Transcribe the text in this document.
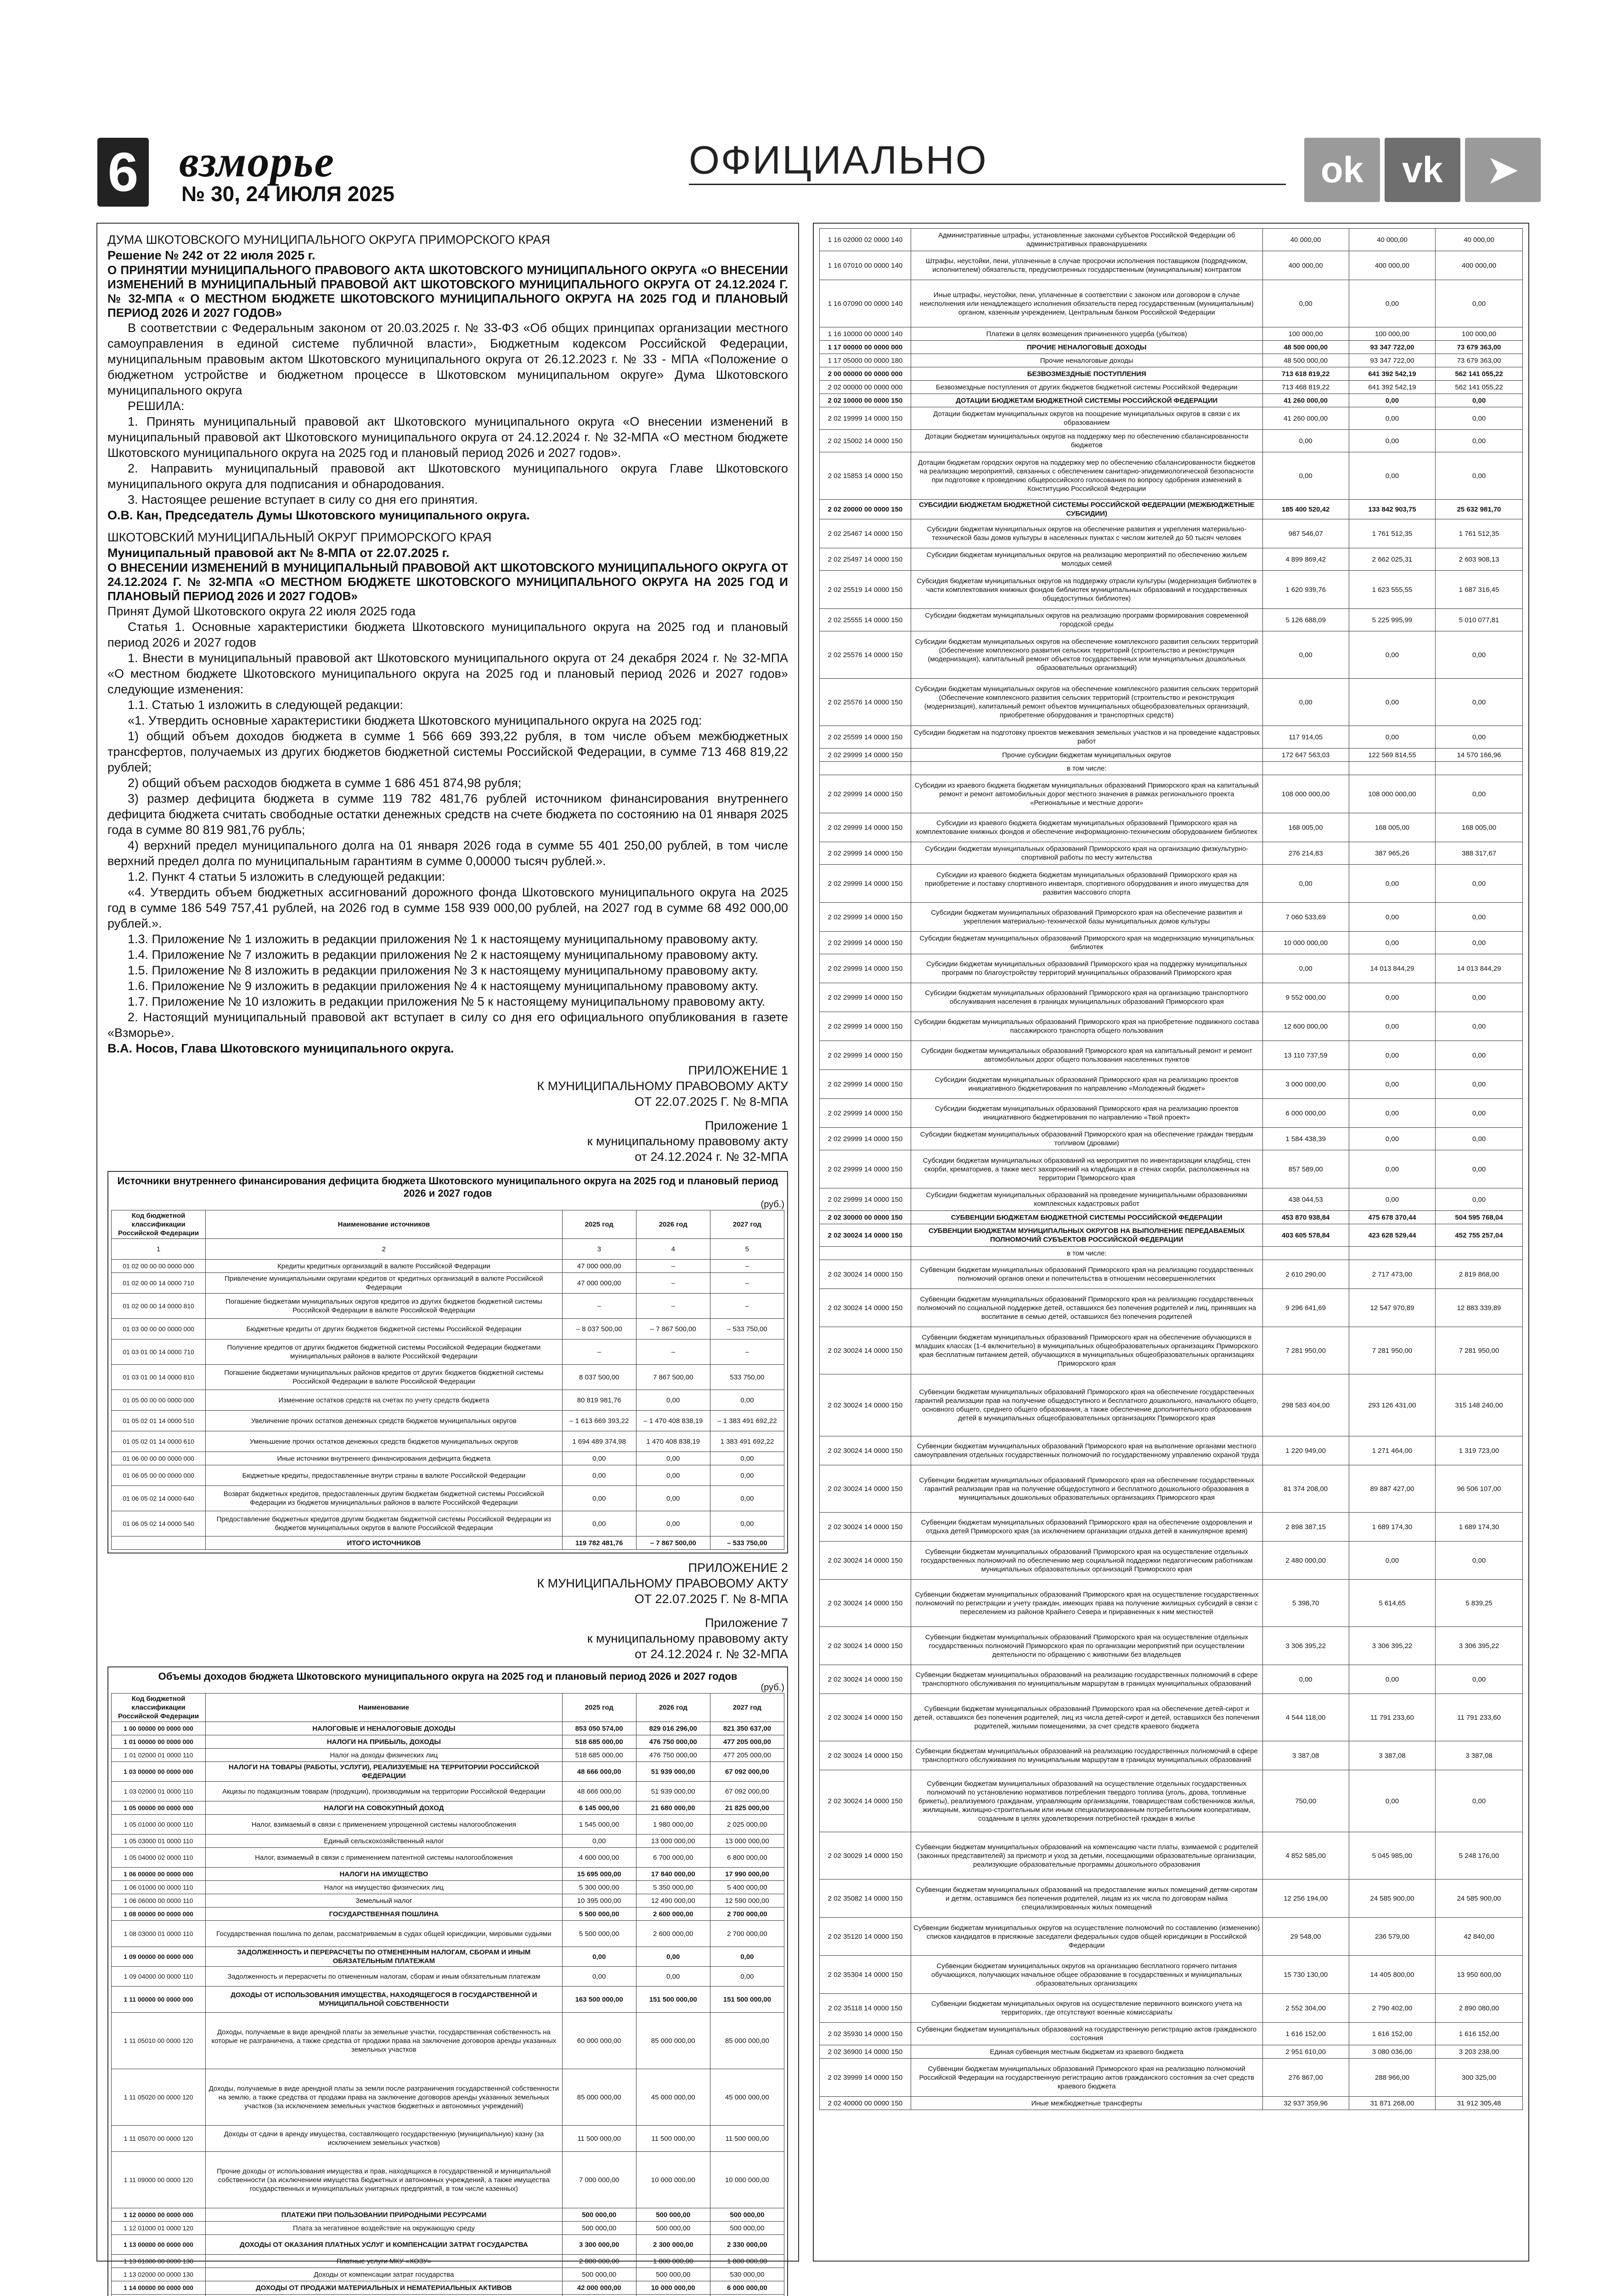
6 взморье
№ 30, 24 ИЮЛЯ 2025
ОФИЦИАЛЬНО	ok	vk	➤

ДУМА ШКОТОВСКОГО МУНИЦИПАЛЬНОГО ОКРУГА ПРИМОРСКОГО КРАЯ

Решение № 242 от 22 июля 2025 г.

О ПРИНЯТИИ МУНИЦИПАЛЬНОГО ПРАВОВОГО АКТА ШКОТОВСКОГО МУНИЦИПАЛЬНОГО ОКРУГА «О ВНЕСЕНИИ ИЗМЕНЕНИЙ В МУНИЦИПАЛЬНЫЙ ПРАВОВОЙ АКТ ШКОТОВСКОГО МУНИЦИПАЛЬНОГО ОКРУГА ОТ 24.12.2024 Г. № 32-МПА « О МЕСТНОМ БЮДЖЕТЕ ШКОТОВСКОГО МУНИЦИПАЛЬНОГО ОКРУГА НА 2025 ГОД И ПЛАНОВЫЙ ПЕРИОД 2026 И 2027 ГОДОВ»

В соответствии с Федеральным законом от 20.03.2025 г. № 33-ФЗ «Об общих принципах организации местного самоуправления в единой системе публичной власти», Бюджетным кодексом Российской Федерации, муниципальным правовым актом Шкотовского муниципального округа от 26.12.2023 г. № 33 - МПА «Положение о бюджетном устройстве и бюджетном процессе в Шкотовском муниципальном округе» Дума Шкотовского муниципального округа

РЕШИЛА:

1. Принять муниципальный правовой акт Шкотовского муниципального округа «О внесении изменений в муниципальный правовой акт Шкотовского муниципального округа от 24.12.2024 г. № 32-МПА «О местном бюджете Шкотовского муниципального округа на 2025 год и плановый период 2026 и 2027 годов».

2. Направить муниципальный правовой акт Шкотовского муниципального округа Главе Шкотовского муниципального округа для подписания и обнародования.

3. Настоящее решение вступает в силу со дня его принятия.

О.В. Кан, Председатель Думы Шкотовского муниципального округа.

ШКОТОВСКИЙ МУНИЦИПАЛЬНЫЙ ОКРУГ ПРИМОРСКОГО КРАЯ

Муниципальный правовой акт № 8-МПА от 22.07.2025 г.

О ВНЕСЕНИИ ИЗМЕНЕНИЙ В МУНИЦИПАЛЬНЫЙ ПРАВОВОЙ АКТ ШКОТОВСКОГО МУНИЦИПАЛЬНОГО ОКРУГА ОТ 24.12.2024 Г. № 32-МПА «О МЕСТНОМ БЮДЖЕТЕ ШКОТОВСКОГО МУНИЦИПАЛЬНОГО ОКРУГА НА 2025 ГОД И ПЛАНОВЫЙ ПЕРИОД 2026 И 2027 ГОДОВ»

Принят Думой Шкотовского округа 22 июля 2025 года

Статья 1. Основные характеристики бюджета Шкотовского муниципального округа на 2025 год и плановый период 2026 и 2027 годов

1. Внести в муниципальный правовой акт Шкотовского муниципального округа от 24 декабря 2024 г. № 32-МПА «О местном бюджете Шкотовского муниципального округа на 2025 год и плановый период 2026 и 2027 годов» следующие изменения:

1.1. Статью 1 изложить в следующей редакции:

«1. Утвердить основные характеристики бюджета Шкотовского муниципального округа на 2025 год:

1) общий объем доходов бюджета в сумме 1 566 669 393,22 рубля, в том числе объем межбюджетных трансфертов, получаемых из других бюджетов бюджетной системы Российской Федерации, в сумме 713 468 819,22 рублей;

2) общий объем расходов бюджета в сумме 1 686 451 874,98 рубля;

3) размер дефицита бюджета в сумме 119 782 481,76 рублей источником финансирования внутреннего дефицита бюджета считать свободные остатки денежных средств на счете бюджета по состоянию на 01 января 2025 года в сумме 80 819 981,76 рубль;

4) верхний предел муниципального долга на 01 января 2026 года в сумме 55 401 250,00 рублей, в том числе верхний предел долга по муниципальным гарантиям в сумме 0,00000 тысяч рублей.».

1.2. Пункт 4 статьи 5 изложить в следующей редакции:

«4. Утвердить объем бюджетных ассигнований дорожного фонда Шкотовского муниципального округа на 2025 год в сумме 186 549 757,41 рублей, на 2026 год в сумме 158 939 000,00 рублей, на 2027 год в сумме 68 492 000,00 рублей.».

1.3. Приложение № 1 изложить в редакции приложения № 1 к настоящему муниципальному правовому акту.

1.4. Приложение № 7 изложить в редакции приложения № 2 к настоящему муниципальному правовому акту.

1.5. Приложение № 8 изложить в редакции приложения № 3 к настоящему муниципальному правовому акту.

1.6. Приложение № 9 изложить в редакции приложения № 4 к настоящему муниципальному правовому акту.

1.7. Приложение № 10 изложить в редакции приложения № 5 к настоящему муниципальному правовому акту.

2. Настоящий муниципальный правовой акт вступает в силу со дня его официального опубликования в газете «Взморье».

В.А. Носов, Глава Шкотовского муниципального округа.

ПРИЛОЖЕНИЕ 1

К МУНИЦИПАЛЬНОМУ ПРАВОВОМУ АКТУ

ОТ 22.07.2025 Г. № 8-МПА

Приложение 1

к муниципальному правовому акту

от 24.12.2024 г. № 32-МПА

Источники внутреннего финансирования дефицита бюджета Шкотовского муниципального округа на 2025 год и плановый период 2026 и 2027 годов

(руб.)

Код бюджетной классификации Российской Федерации	Наименование источников	2025 год	2026 год	2027 год
1	2	3	4	5
01 02 00 00 00 0000 000	Кредиты кредитных организаций в валюте Российской Федерации	47 000 000,00	–	–
01 02 00 00 14 0000 710	Привлечение муниципальными округами кредитов от кредитных организаций в валюте Российской Федерации	47 000 000,00	–	–
01 02 00 00 14 0000 810	Погашение бюджетами муниципальных округов кредитов из других бюджетов бюджетной системы Российской Федерации в валюте Российской Федерации	–	–	–
01 03 00 00 00 0000 000	Бюджетные кредиты от других бюджетов бюджетной системы Российской Федерации	– 8 037 500,00	– 7 867 500,00	– 533 750,00
01 03 01 00 14 0000 710	Получение кредитов от других бюджетов бюджетной системы Российской Федерации бюджетами муниципальных районов в валюте Российской Федерации	–	–	–
01 03 01 00 14 0000 810	Погашение бюджетами муниципальных районов кредитов от других бюджетов бюджетной системы Российской Федерации в валюте Российской Федерации	8 037 500,00	7 867 500,00	533 750,00
01 05 00 00 00 0000 000	Изменение остатков средств на счетах по учету средств бюджета	80 819 981,76	0,00	0,00
01 05 02 01 14 0000 510	Увеличение прочих остатков денежных средств бюджетов муниципальных округов	– 1 613 669 393,22	– 1 470 408 838,19	– 1 383 491 692,22
01 05 02 01 14 0000 610	Уменьшение прочих остатков денежных средств бюджетов муниципальных округов	1 694 489 374,98	1 470 408 838,19	1 383 491 692,22
01 06 00 00 00 0000 000	Иные источники внутреннего финансирования дефицита бюджета	0,00	0,00	0,00
01 06 05 00 00 0000 000	Бюджетные кредиты, предоставленные внутри страны в валюте Российской Федерации	0,00	0,00	0,00
01 06 05 02 14 0000 640	Возврат бюджетных кредитов, предоставленных другим бюджетам бюджетной системы Российской Федерации из бюджетов муниципальных районов в валюте Российской Федерации	0,00	0,00	0,00
01 06 05 02 14 0000 540	Предоставление бюджетных кредитов другим бюджетам бюджетной системы Российской Федерации из бюджетов муниципальных округов в валюте Российской Федерации	0,00	0,00	0,00
	ИТОГО ИСТОЧНИКОВ	119 782 481,76	– 7 867 500,00	– 533 750,00

ПРИЛОЖЕНИЕ 2

К МУНИЦИПАЛЬНОМУ ПРАВОВОМУ АКТУ

ОТ 22.07.2025 Г. № 8-МПА

Приложение 7

к муниципальному правовому акту

от 24.12.2024 г. № 32-МПА

Объемы доходов бюджета Шкотовского муниципального округа на 2025 год и плановый период 2026 и 2027 годов

(руб.)

Код бюджетной классификации Российской Федерации	Наименование	2025 год	2026 год	2027 год
1 00 00000 00 0000 000	НАЛОГОВЫЕ И НЕНАЛОГОВЫЕ ДОХОДЫ	853 050 574,00	829 016 296,00	821 350 637,00
1 01 00000 00 0000 000	НАЛОГИ НА ПРИБЫЛЬ, ДОХОДЫ	518 685 000,00	476 750 000,00	477 205 000,00
1 01 02000 01 0000 110	Налог на доходы физических лиц	518 685 000,00	476 750 000,00	477 205 000,00
1 03 00000 00 0000 000	НАЛОГИ НА ТОВАРЫ (РАБОТЫ, УСЛУГИ), РЕАЛИЗУЕМЫЕ НА ТЕРРИТОРИИ РОССИЙСКОЙ ФЕДЕРАЦИИ	48 666 000,00	51 939 000,00	67 092 000,00
1 03 02000 01 0000 110	Акцизы по подакцизным товарам (продукции), производимым на территории Российской Федерации	48 666 000,00	51 939 000,00	67 092 000,00
1 05 00000 00 0000 000	НАЛОГИ НА СОВОКУПНЫЙ ДОХОД	6 145 000,00	21 680 000,00	21 825 000,00
1 05 01000 00 0000 110	Налог, взимаемый в связи с применением упрощенной системы налогообложения	1 545 000,00	1 980 000,00	2 025 000,00
1 05 03000 01 0000 110	Единый сельскохозяйственный налог	0,00	13 000 000,00	13 000 000,00
1 05 04000 02 0000 110	Налог, взимаемый в связи с применением патентной системы налогообложения	4 600 000,00	6 700 000,00	6 800 000,00
1 06 00000 00 0000 000	НАЛОГИ НА ИМУЩЕСТВО	15 695 000,00	17 840 000,00	17 990 000,00
1 06 01000 00 0000 110	Налог на имущество физических лиц	5 300 000,00	5 350 000,00	5 400 000,00
1 06 06000 00 0000 110	Земельный налог	10 395 000,00	12 490 000,00	12 590 000,00
1 08 00000 00 0000 000	ГОСУДАРСТВЕННАЯ ПОШЛИНА	5 500 000,00	2 600 000,00	2 700 000,00
1 08 03000 01 0000 110	Государственная пошлина по делам, рассматриваемым в судах общей юрисдикции, мировыми судьями	5 500 000,00	2 600 000,00	2 700 000,00
1 09 00000 00 0000 000	ЗАДОЛЖЕННОСТЬ И ПЕРЕРАСЧЕТЫ ПО ОТМЕНЕННЫМ НАЛОГАМ, СБОРАМ И ИНЫМ ОБЯЗАТЕЛЬНЫМ ПЛАТЕЖАМ	0,00	0,00	0,00
1 09 04000 00 0000 110	Задолженность и перерасчеты по отмененным налогам, сборам и иным обязательным платежам	0,00	0,00	0,00
1 11 00000 00 0000 000	ДОХОДЫ ОТ ИСПОЛЬЗОВАНИЯ ИМУЩЕСТВА, НАХОДЯЩЕГОСЯ В ГОСУДАРСТВЕННОЙ И МУНИЦИПАЛЬНОЙ СОБСТВЕННОСТИ	163 500 000,00	151 500 000,00	151 500 000,00
1 11 05010 00 0000 120	Доходы, получаемые в виде арендной платы за земельные участки, государственная собственность на которые не разграничена, а также средства от продажи права на заключение договоров аренды указанных земельных участков	60 000 000,00	85 000 000,00	85 000 000,00
1 11 05020 00 0000 120	Доходы, получаемые в виде арендной платы за земли после разграничения государственной собственности на землю, а также средства от продажи права на заключение договоров аренды указанных земельных участков (за исключением земельных участков бюджетных и автономных учреждений)	85 000 000,00	45 000 000,00	45 000 000,00
1 11 05070 00 0000 120	Доходы от сдачи в аренду имущества, составляющего государственную (муниципальную) казну (за исключением земельных участков)	11 500 000,00	11 500 000,00	11 500 000,00
1 11 09000 00 0000 120	Прочие доходы от использования имущества и прав, находящихся в государственной и муниципальной собственности (за исключением имущества бюджетных и автономных учреждений, а также имущества государственных и муниципальных унитарных предприятий, в том числе казенных)	7 000 000,00	10 000 000,00	10 000 000,00
1 12 00000 00 0000 000	ПЛАТЕЖИ ПРИ ПОЛЬЗОВАНИИ ПРИРОДНЫМИ РЕСУРСАМИ	500 000,00	500 000,00	500 000,00
1 12 01000 01 0000 120	Плата за негативное воздействие на окружающую среду	500 000,00	500 000,00	500 000,00
1 13 00000 00 0000 000	ДОХОДЫ ОТ ОКАЗАНИЯ ПЛАТНЫХ УСЛУГ И КОМПЕНСАЦИИ ЗАТРАТ ГОСУДАРСТВА	3 300 000,00	2 300 000,00	2 330 000,00
1 13 01000 00 0000 130	Платные услуги МКУ «ХОЗУ»	2 800 000,00	1 800 000,00	1 800 000,00
1 13 02000 00 0000 130	Доходы от компенсации затрат государства	500 000,00	500 000,00	530 000,00
1 14 00000 00 0000 000	ДОХОДЫ ОТ ПРОДАЖИ МАТЕРИАЛЬНЫХ И НЕМАТЕРИАЛЬНЫХ АКТИВОВ	42 000 000,00	10 000 000,00	6 000 000,00

1 16 02000 02 0000 140	Административные штрафы, установленные законами субъектов Российской Федерации об административных правонарушениях	40 000,00	40 000,00	40 000,00
1 16 07010 00 0000 140	Штрафы, неустойки, пени, уплаченные в случае просрочки исполнения поставщиком (подрядчиком, исполнителем) обязательств, предусмотренных государственным (муниципальным) контрактом	400 000,00	400 000,00	400 000,00
1 16 07090 00 0000 140	Иные штрафы, неустойки, пени, уплаченные в соответствии с законом или договором в случае неисполнения или ненадлежащего исполнения обязательств перед государственным (муниципальным) органом, казенным учреждением, Центральным банком Российской Федерации	0,00	0,00	0,00
1 16 10000 00 0000 140	Платежи в целях возмещения причиненного ущерба (убытков)	100 000,00	100 000,00	100 000,00
1 17 00000 00 0000 000	ПРОЧИЕ НЕНАЛОГОВЫЕ ДОХОДЫ	48 500 000,00	93 347 722,00	73 679 363,00
1 17 05000 00 0000 180	Прочие неналоговые доходы	48 500 000,00	93 347 722,00	73 679 363,00
2 00 00000 00 0000 000	БЕЗВОЗМЕЗДНЫЕ ПОСТУПЛЕНИЯ	713 618 819,22	641 392 542,19	562 141 055,22
2 02 00000 00 0000 000	Безвозмездные поступления от других бюджетов бюджетной системы Российской Федерации	713 468 819,22	641 392 542,19	562 141 055,22
2 02 10000 00 0000 150	ДОТАЦИИ БЮДЖЕТАМ БЮДЖЕТНОЙ СИСТЕМЫ РОССИЙСКОЙ ФЕДЕРАЦИИ	41 260 000,00	0,00	0,00
2 02 19999 14 0000 150	Дотации бюджетам муниципальных округов на поощрение муниципальных округов в связи с их образованием	41 260 000,00	0,00	0,00
2 02 15002 14 0000 150	Дотации бюджетам муниципальных округов на поддержку мер по обеспечению сбалансированности бюджетов	0,00	0,00	0,00
2 02 15853 14 0000 150	Дотации бюджетам городских округов на поддержку мер по обеспечению сбалансированности бюджетов на реализацию мероприятий, связанных с обеспечением санитарно-эпидемиологической безопасности при подготовке к проведению общероссийского голосования по вопросу одобрения изменений в Конституцию Российской Федерации	0,00	0,00	0,00
2 02 20000 00 0000 150	СУБСИДИИ БЮДЖЕТАМ БЮДЖЕТНОЙ СИСТЕМЫ РОССИЙСКОЙ ФЕДЕРАЦИИ (МЕЖБЮДЖЕТНЫЕ СУБСИДИИ)	185 400 520,42	133 842 903,75	25 632 981,70
2 02 25467 14 0000 150	Субсидии бюджетам муниципальных округов на обеспечение развития и укрепления материально-технической базы домов культуры в населенных пунктах с числом жителей до 50 тысяч человек	987 546,07	1 761 512,35	1 761 512,35
2 02 25497 14 0000 150	Субсидии бюджетам муниципальных округов на реализацию мероприятий по обеспечению жильем молодых семей	4 899 869,42	2 662 025,31	2 603 908,13
2 02 25519 14 0000 150	Субсидия бюджетам муниципальных округов на поддержку отрасли культуры (модернизация библиотек в части комплектования книжных фондов библиотек муниципальных образований и государственных общедоступных библиотек)	1 620 939,76	1 623 555,55	1 687 316,45
2 02 25555 14 0000 150	Субсидии бюджетам муниципальных округов на реализацию программ формирования современной городской среды	5 126 688,09	5 225 995,99	5 010 077,81
2 02 25576 14 0000 150	Субсидии бюджетам муниципальных округов на обеспечение комплексного развития сельских территорий (Обеспечение комплексного развития сельских территорий (строительство и реконструкция (модернизация), капитальный ремонт объектов государственных или муниципальных дошкольных образовательных организаций)	0,00	0,00	0,00
2 02 25576 14 0000 150	Субсидии бюджетам муниципальных округов на обеспечение комплексного развития сельских территорий (Обеспечение комплексного развития сельских территорий (строительство и реконструкция (модернизация), капитальный ремонт объектов муниципальных общеобразовательных организаций, приобретение оборудования и транспортных средств)	0,00	0,00	0,00
2 02 25599 14 0000 150	Субсидии бюджетам на подготовку проектов межевания земельных участков и на проведение кадастровых работ	117 914,05	0,00	0,00
2 02 29999 14 0000 150	Прочие субсидии бюджетам муниципальных округов	172 647 563,03	122 569 814,55	14 570 166,96
	в том числе:			
2 02 29999 14 0000 150	Субсидии из краевого бюджета бюджетам муниципальных образований Приморского края на капитальный ремонт и ремонт автомобильных дорог местного значения в рамках регионального проекта «Региональные и местные дороги»	108 000 000,00	108 000 000,00	0,00
2 02 29999 14 0000 150	Субсидии из краевого бюджета бюджетам муниципальных образований Приморского края на комплектование книжных фондов и обеспечение информационно-техническим оборудованием библиотек	168 005,00	168 005,00	168 005,00
2 02 29999 14 0000 150	Субсидии бюджетам муниципальных образований Приморского края на организацию физкультурно-спортивной работы по месту жительства	276 214,83	387 965,26	388 317,67
2 02 29999 14 0000 150	Субсидии из краевого бюджета бюджетам муниципальных образований Приморского края на приобретение и поставку спортивного инвентаря, спортивного оборудования и иного имущества для развития массового спорта	0,00	0,00	0,00
2 02 29999 14 0000 150	Субсидии бюджетам муниципальных образований Приморского края на обеспечение развития и укрепления материально-технической базы муниципальных домов культуры	7 060 533,69	0,00	0,00
2 02 29999 14 0000 150	Субсидии бюджетам муниципальных образований Приморского края на модернизацию муниципальных библиотек	10 000 000,00	0,00	0,00
2 02 29999 14 0000 150	Субсидии бюджетам муниципальных образований Приморского края на поддержку муниципальных программ по благоустройству территорий муниципальных образований Приморского края	0,00	14 013 844,29	14 013 844,29
2 02 29999 14 0000 150	Субсидии бюджетам муниципальных образований Приморского края на организацию транспортного обслуживания населения в границах муниципальных образований Приморского края	9 552 000,00	0,00	0,00
2 02 29999 14 0000 150	Субсидии бюджетам муниципальных образований Приморского края на приобретение подвижного состава пассажирского транспорта общего пользования	12 600 000,00	0,00	0,00
2 02 29999 14 0000 150	Субсидии бюджетам муниципальных образований Приморского края на капитальный ремонт и ремонт автомобильных дорог общего пользования населенных пунктов	13 110 737,59	0,00	0,00
2 02 29999 14 0000 150	Субсидии бюджетам муниципальных образований Приморского края на реализацию проектов инициативного бюджетирования по направлению «Молодежный бюджет»	3 000 000,00	0,00	0,00
2 02 29999 14 0000 150	Субсидии бюджетам муниципальных образований Приморского края на реализацию проектов инициативного бюджетирования по направлению «Твой проект»	6 000 000,00	0,00	0,00
2 02 29999 14 0000 150	Субсидии бюджетам муниципальных образований Приморского края на обеспечение граждан твердым топливом (дровами)	1 584 438,39	0,00	0,00
2 02 29999 14 0000 150	Субсидии бюджетам муниципальных образований на мероприятия по инвентаризации кладбищ, стен скорби, крематориев, а также мест захоронений на кладбищах и в стенах скорби, расположенных на территории Приморского края	857 589,00	0,00	0,00
2 02 29999 14 0000 150	Субсидии бюджетам муниципальных образований на проведение муниципальными образованиями комплексных кадастровых работ	438 044,53	0,00	0,00
2 02 30000 00 0000 150	СУБВЕНЦИИ БЮДЖЕТАМ БЮДЖЕТНОЙ СИСТЕМЫ РОССИЙСКОЙ ФЕДЕРАЦИИ	453 870 938,84	475 678 370,44	504 595 768,04
2 02 30024 14 0000 150	СУБВЕНЦИИ БЮДЖЕТАМ МУНИЦИПАЛЬНЫХ ОКРУГОВ НА ВЫПОЛНЕНИЕ ПЕРЕДАВАЕМЫХ ПОЛНОМОЧИЙ СУБЪЕКТОВ РОССИЙСКОЙ ФЕДЕРАЦИИ	403 605 578,84	423 628 529,44	452 755 257,04
	в том числе:			
2 02 30024 14 0000 150	Субвенции бюджетам муниципальных образований Приморского края на реализацию государственных полномочий органов опеки и попечительства в отношении несовершеннолетних	2 610 290,00	2 717 473,00	2 819 868,00
2 02 30024 14 0000 150	Субвенции бюджетам муниципальных образований Приморского края на реализацию государственных полномочий по социальной поддержке детей, оставшихся без попечения родителей и лиц, принявших на воспитание в семью детей, оставшихся без попечения родителей	9 296 641,69	12 547 970,89	12 883 339,89
2 02 30024 14 0000 150	Субвенции бюджетам муниципальных образований Приморского края на обеспечение обучающихся в младших классах (1-4 включительно) в муниципальных общеобразовательных организациях Приморского края бесплатным питанием детей, обучающихся в муниципальных общеобразовательных организациях Приморского края	7 281 950,00	7 281 950,00	7 281 950,00
2 02 30024 14 0000 150	Субвенции бюджетам муниципальных образований Приморского края на обеспечение государственных гарантий реализации прав на получение общедоступного и бесплатного дошкольного, начального общего, основного общего, среднего общего образования, а также обеспечение дополнительного образования детей в муниципальных общеобразовательных организациях Приморского края	298 583 404,00	293 126 431,00	315 148 240,00
2 02 30024 14 0000 150	Субвенции бюджетам муниципальных образований Приморского края на выполнение органами местного самоуправления отдельных государственных полномочий по государственному управлению охраной труда	1 220 949,00	1 271 464,00	1 319 723,00
2 02 30024 14 0000 150	Субвенции бюджетам муниципальных образований Приморского края на обеспечение государственных гарантий реализации прав на получение общедоступного и бесплатного дошкольного образования в муниципальных дошкольных образовательных организациях Приморского края	81 374 208,00	89 887 427,00	96 506 107,00
2 02 30024 14 0000 150	Субвенции бюджетам муниципальных образований Приморского края на обеспечение оздоровления и отдыха детей Приморского края (за исключением организации отдыха детей в каникулярное время)	2 898 387,15	1 689 174,30	1 689 174,30
2 02 30024 14 0000 150	Субвенции бюджетам муниципальных образований Приморского края на осуществление отдельных государственных полномочий по обеспечению мер социальной поддержки педагогическим работникам муниципальных образовательных организаций Приморского края	2 480 000,00	0,00	0,00
2 02 30024 14 0000 150	Субвенции бюджетам муниципальных образований Приморского края на осуществление государственных полномочий по регистрации и учету граждан, имеющих права на получение жилищных субсидий в связи с переселением из районов Крайнего Севера и приравненных к ним местностей	5 398,70	5 614,65	5 839,25
2 02 30024 14 0000 150	Субвенции бюджетам муниципальных образований Приморского края на осуществление отдельных государственных полномочий Приморского края по организации мероприятий при осуществлении деятельности по обращению с животными без владельцев	3 306 395,22	3 306 395,22	3 306 395,22
2 02 30024 14 0000 150	Субвенции бюджетам муниципальных образований на реализацию государственных полномочий в сфере транспортного обслуживания по муниципальным маршрутам в границах муниципальных образований	0,00	0,00	0,00
2 02 30024 14 0000 150	Субвенции бюджетам муниципальных образований Приморского края на обеспечение детей-сирот и детей, оставшихся без попечения родителей, лиц из числа детей-сирот и детей, оставшихся без попечения родителей, жилыми помещениями, за счет средств краевого бюджета	4 544 118,00	11 791 233,60	11 791 233,60
2 02 30024 14 0000 150	Субвенции бюджетам муниципальных образований на реализацию государственных полномочий в сфере транспортного обслуживания по муниципальным маршрутам в границах муниципальных образований	3 387,08	3 387,08	3 387,08
2 02 30024 14 0000 150	Субвенции бюджетам муниципальных образований на осуществление отдельных государственных полномочий по установлению нормативов потребления твердого топлива (уголь, дрова, топливные брикеты), реализуемого гражданам, управляющим организациям, товариществам собственников жилья, жилищным, жилищно-строительным или иным специализированным потребительским кооперативам, созданным в целях удовлетворения потребностей граждан в жилье	750,00	0,00	0,00
2 02 30029 14 0000 150	Субвенции бюджетам муниципальных образований на компенсацию части платы, взимаемой с родителей (законных представителей) за присмотр и уход за детьми, посещающими образовательные организации, реализующие образовательные программы дошкольного образования	4 852 585,00	5 045 985,00	5 248 176,00
2 02 35082 14 0000 150	Субвенции бюджетам муниципальных образований на предоставление жилых помещений детям-сиротам и детям, оставшимся без попечения родителей, лицам из их числа по договорам найма специализированных жилых помещений	12 256 194,00	24 585 900,00	24 585 900,00
2 02 35120 14 0000 150	Субвенции бюджетам муниципальных округов на осуществление полномочий по составлению (изменению) списков кандидатов в присяжные заседатели федеральных судов общей юрисдикции в Российской Федерации	29 548,00	236 579,00	42 840,00
2 02 35304 14 0000 150	Субвенции бюджетам муниципальных округов на организацию бесплатного горячего питания обучающихся, получающих начальное общее образование в государственных и муниципальных образовательных организациях	15 730 130,00	14 405 800,00	13 950 600,00
2 02 35118 14 0000 150	Субвенции бюджетам муниципальных округов на осуществление первичного воинского учета на территориях, где отсутствуют военные комиссариаты	2 552 304,00	2 790 402,00	2 890 080,00
2 02 35930 14 0000 150	Субвенции бюджетам муниципальных образований на государственную регистрацию актов гражданского состояния	1 616 152,00	1 616 152,00	1 616 152,00
2 02 36900 14 0000 150	Единая субвенция местным бюджетам из краевого бюджета	2 951 610,00	3 080 036,00	3 203 238,00
2 02 39999 14 0000 150	Субвенции бюджетам муниципальных образований Приморского края на реализацию полномочий Российской Федерации на государственную регистрацию актов гражданского состояния за счет средств краевого бюджета	276 867,00	288 966,00	300 325,00
2 02 40000 00 0000 150	Иные межбюджетные трансферты	32 937 359,96	31 871 268,00	31 912 305,48
